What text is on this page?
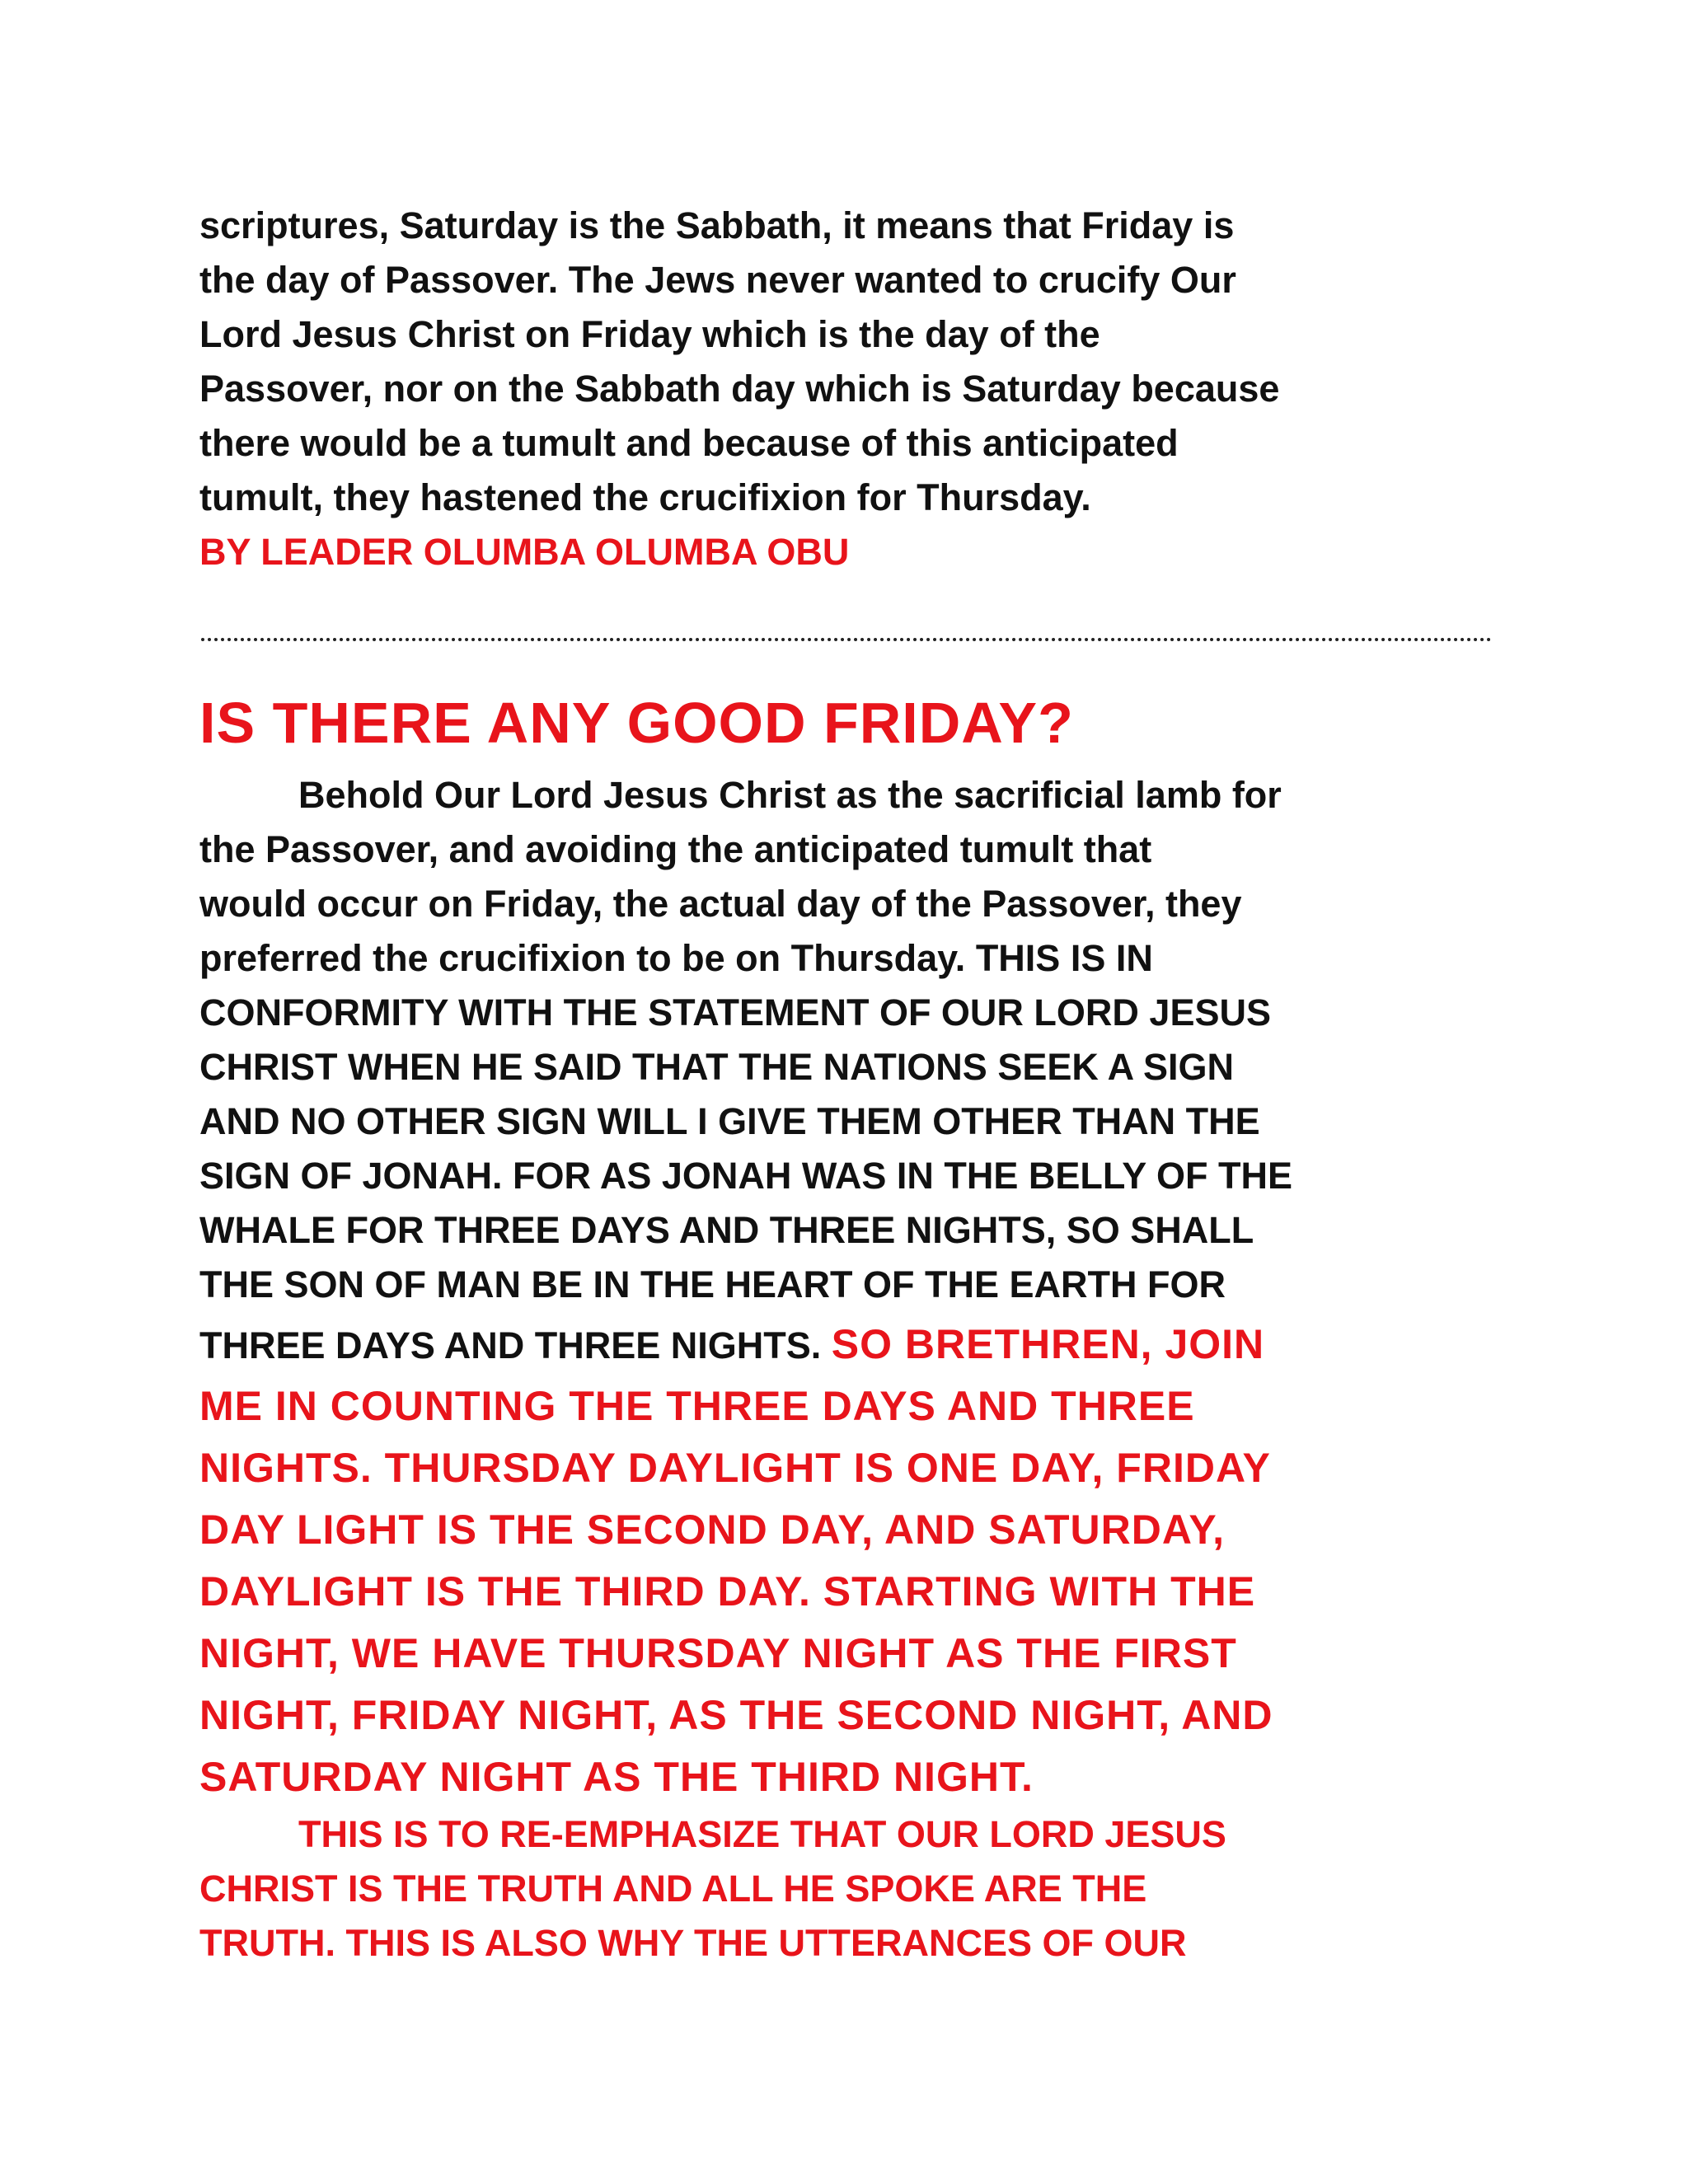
scriptures, Saturday is the Sabbath, it means that Friday is
the day of Passover. The Jews never wanted to crucify Our
Lord Jesus Christ on Friday which is the day of the
Passover, nor on the Sabbath day which is Saturday because
there would be a tumult and because of this anticipated
tumult, they hastened the crucifixion for Thursday.
BY LEADER OLUMBA OLUMBA OBU
IS THERE ANY GOOD FRIDAY?
Behold Our Lord Jesus Christ as the sacrificial lamb for
the Passover, and avoiding the anticipated tumult that
would occur on Friday, the actual day of the Passover, they
preferred the crucifixion to be on Thursday. THIS IS IN
CONFORMITY WITH THE STATEMENT OF OUR LORD JESUS
CHRIST WHEN HE SAID THAT THE NATIONS SEEK A SIGN
AND NO OTHER SIGN WILL I GIVE THEM OTHER THAN THE
SIGN OF JONAH. FOR AS JONAH WAS IN THE BELLY OF THE
WHALE FOR THREE DAYS AND THREE NIGHTS, SO SHALL
THE SON OF MAN BE IN THE HEART OF THE EARTH FOR
THREE DAYS AND THREE NIGHTS. SO BRETHREN, JOIN
ME IN COUNTING THE THREE DAYS AND THREE
NIGHTS. THURSDAY DAYLIGHT IS ONE DAY, FRIDAY
DAY LIGHT IS THE SECOND DAY, AND SATURDAY,
DAYLIGHT IS THE THIRD DAY. STARTING WITH THE
NIGHT, WE HAVE THURSDAY NIGHT AS THE FIRST
NIGHT, FRIDAY NIGHT, AS THE SECOND NIGHT, AND
SATURDAY NIGHT AS THE THIRD NIGHT.
THIS IS TO RE-EMPHASIZE THAT OUR LORD JESUS
CHRIST IS THE TRUTH AND ALL HE SPOKE ARE THE
TRUTH. THIS IS ALSO WHY THE UTTERANCES OF OUR
